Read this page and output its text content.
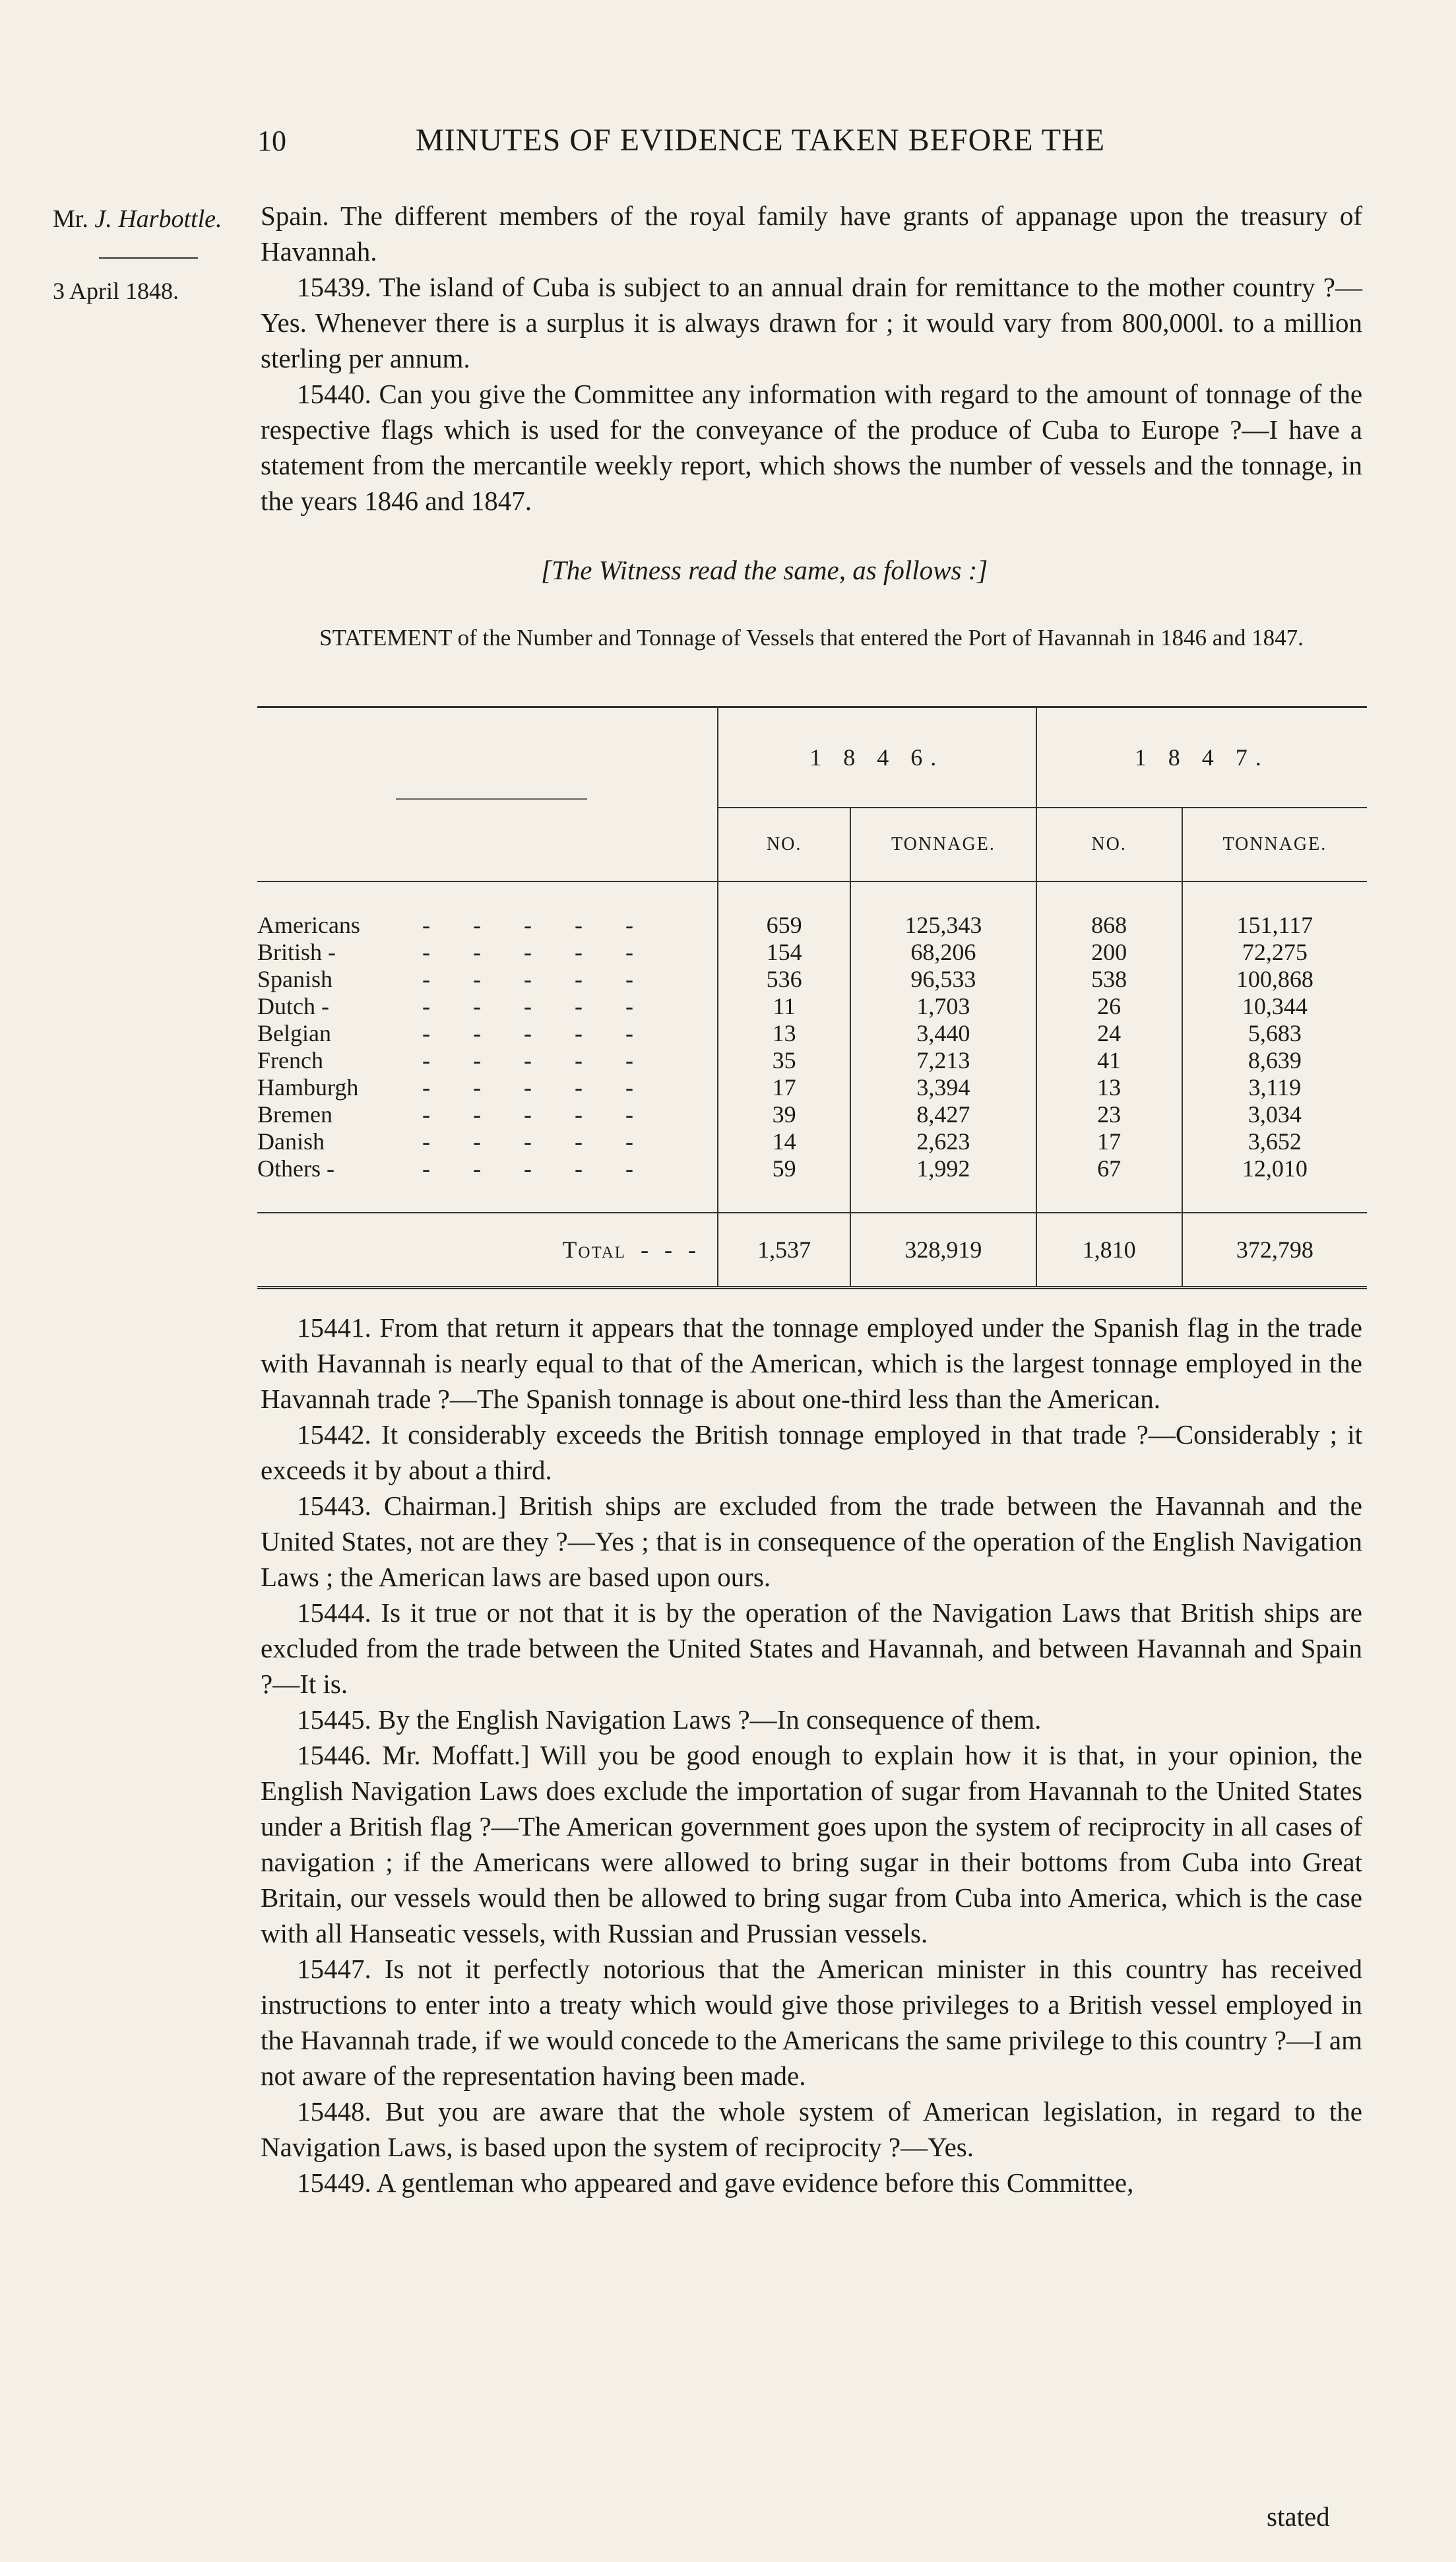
10	MINUTES OF EVIDENCE TAKEN BEFORE THE
Mr. J. Harbottle.
3 April 1848.

Spain. The different members of the royal family have grants of appanage upon the treasury of Havannah.

15439. The island of Cuba is subject to an annual drain for remittance to the mother country ?—Yes. Whenever there is a surplus it is always drawn for ; it would vary from 800,000l. to a million sterling per annum.

15440. Can you give the Committee any information with regard to the amount of tonnage of the respective flags which is used for the conveyance of the produce of Cuba to Europe ?—I have a statement from the mercantile weekly report, which shows the number of vessels and the tonnage, in the years 1846 and 1847.

[The Witness read the same, as follows :]
STATEMENT of the Number and Tonnage of Vessels that entered the Port of Havannah in 1846 and 1847.

	1 8 4 6.		1 8 4 7.	
	NO.	TONNAGE.	NO.	TONNAGE.

Americans - - - - -	659	125,343	868	151,117
British - - - - - -	154	68,206	200	72,275
Spanish - - - - -	536	96,533	538	100,868
Dutch - - - - - -	11	1,703	26	10,344
Belgian - - - - -	13	3,440	24	5,683
French - - - - -	35	7,213	41	8,639
Hamburgh - - - - -	17	3,394	13	3,119
Bremen - - - - -	39	8,427	23	3,034
Danish - - - - -	14	2,623	17	3,652
Others - - - - - -	59	1,992	67	12,010

Total  -  -  -	1,537	328,919	1,810	372,798

15441. From that return it appears that the tonnage employed under the Spanish flag in the trade with Havannah is nearly equal to that of the American, which is the largest tonnage employed in the Havannah trade ?—The Spanish tonnage is about one-third less than the American.

15442. It considerably exceeds the British tonnage employed in that trade ?—Considerably ; it exceeds it by about a third.

15443. Chairman.] British ships are excluded from the trade between the Havannah and the United States, not are they ?—Yes ; that is in consequence of the operation of the English Navigation Laws ; the American laws are based upon ours.

15444. Is it true or not that it is by the operation of the Navigation Laws that British ships are excluded from the trade between the United States and Havannah, and between Havannah and Spain ?—It is.

15445. By the English Navigation Laws ?—In consequence of them.

15446. Mr. Moffatt.] Will you be good enough to explain how it is that, in your opinion, the English Navigation Laws does exclude the importation of sugar from Havannah to the United States under a British flag ?—The American government goes upon the system of reciprocity in all cases of navigation ; if the Americans were allowed to bring sugar in their bottoms from Cuba into Great Britain, our vessels would then be allowed to bring sugar from Cuba into America, which is the case with all Hanseatic vessels, with Russian and Prussian vessels.

15447. Is not it perfectly notorious that the American minister in this country has received instructions to enter into a treaty which would give those privileges to a British vessel employed in the Havannah trade, if we would concede to the Americans the same privilege to this country ?—I am not aware of the representation having been made.

15448. But you are aware that the whole system of American legislation, in regard to the Navigation Laws, is based upon the system of reciprocity ?—Yes.

15449. A gentleman who appeared and gave evidence before this Committee,

stated
